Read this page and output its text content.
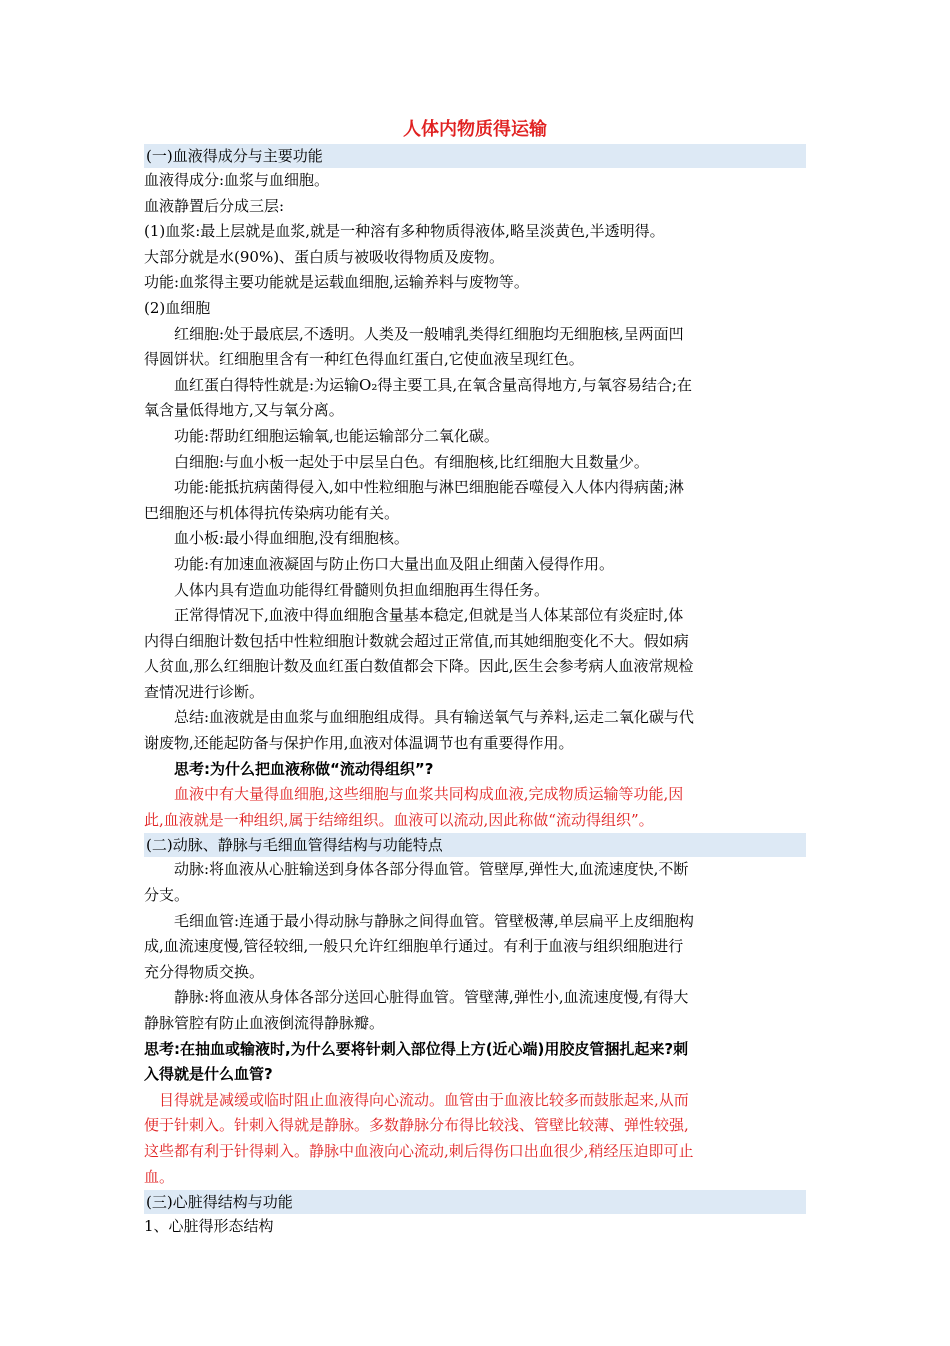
人体内物质得运输
(一)血液得成分与主要功能
血液得成分:血浆与血细胞。
血液静置后分成三层:
(1)血浆:最上层就是血浆,就是一种溶有多种物质得液体,略呈淡黄色,半透明得。
大部分就是水(90%)、蛋白质与被吸收得物质及废物。
功能:血浆得主要功能就是运载血细胞,运输养料与废物等。
(2)血细胞
红细胞:处于最底层,不透明。人类及一般哺乳类得红细胞均无细胞核,呈两面凹
得圆饼状。红细胞里含有一种红色得血红蛋白,它使血液呈现红色。
血红蛋白得特性就是:为运输O₂得主要工具,在氧含量高得地方,与氧容易结合;在
氧含量低得地方,又与氧分离。
功能:帮助红细胞运输氧,也能运输部分二氧化碳。
白细胞:与血小板一起处于中层呈白色。有细胞核,比红细胞大且数量少。
功能:能抵抗病菌得侵入,如中性粒细胞与淋巴细胞能吞噬侵入人体内得病菌;淋
巴细胞还与机体得抗传染病功能有关。
血小板:最小得血细胞,没有细胞核。
功能:有加速血液凝固与防止伤口大量出血及阻止细菌入侵得作用。
人体内具有造血功能得红骨髓则负担血细胞再生得任务。
正常得情况下,血液中得血细胞含量基本稳定,但就是当人体某部位有炎症时,体
内得白细胞计数包括中性粒细胞计数就会超过正常值,而其她细胞变化不大。假如病
人贫血,那么红细胞计数及血红蛋白数值都会下降。因此,医生会参考病人血液常规检
查情况进行诊断。
总结:血液就是由血浆与血细胞组成得。具有输送氧气与养料,运走二氧化碳与代
谢废物,还能起防备与保护作用,血液对体温调节也有重要得作用。
思考:为什么把血液称做“流动得组织”?
血液中有大量得血细胞,这些细胞与血浆共同构成血液,完成物质运输等功能,因
此,血液就是一种组织,属于结缔组织。血液可以流动,因此称做“流动得组织”。
(二)动脉、静脉与毛细血管得结构与功能特点
动脉:将血液从心脏输送到身体各部分得血管。管壁厚,弹性大,血流速度快,不断
分支。
毛细血管:连通于最小得动脉与静脉之间得血管。管壁极薄,单层扁平上皮细胞构
成,血流速度慢,管径较细,一般只允许红细胞单行通过。有利于血液与组织细胞进行
充分得物质交换。
静脉:将血液从身体各部分送回心脏得血管。管壁薄,弹性小,血流速度慢,有得大
静脉管腔有防止血液倒流得静脉瓣。
思考:在抽血或输液时,为什么要将针刺入部位得上方(近心端)用胶皮管捆扎起来?刺
入得就是什么血管?
目得就是减缓或临时阻止血液得向心流动。血管由于血液比较多而鼓胀起来,从而
便于针刺入。针刺入得就是静脉。多数静脉分布得比较浅、管壁比较薄、弹性较强,
这些都有利于针得刺入。静脉中血液向心流动,刺后得伤口出血很少,稍经压迫即可止
血。
(三)心脏得结构与功能
1、心脏得形态结构
